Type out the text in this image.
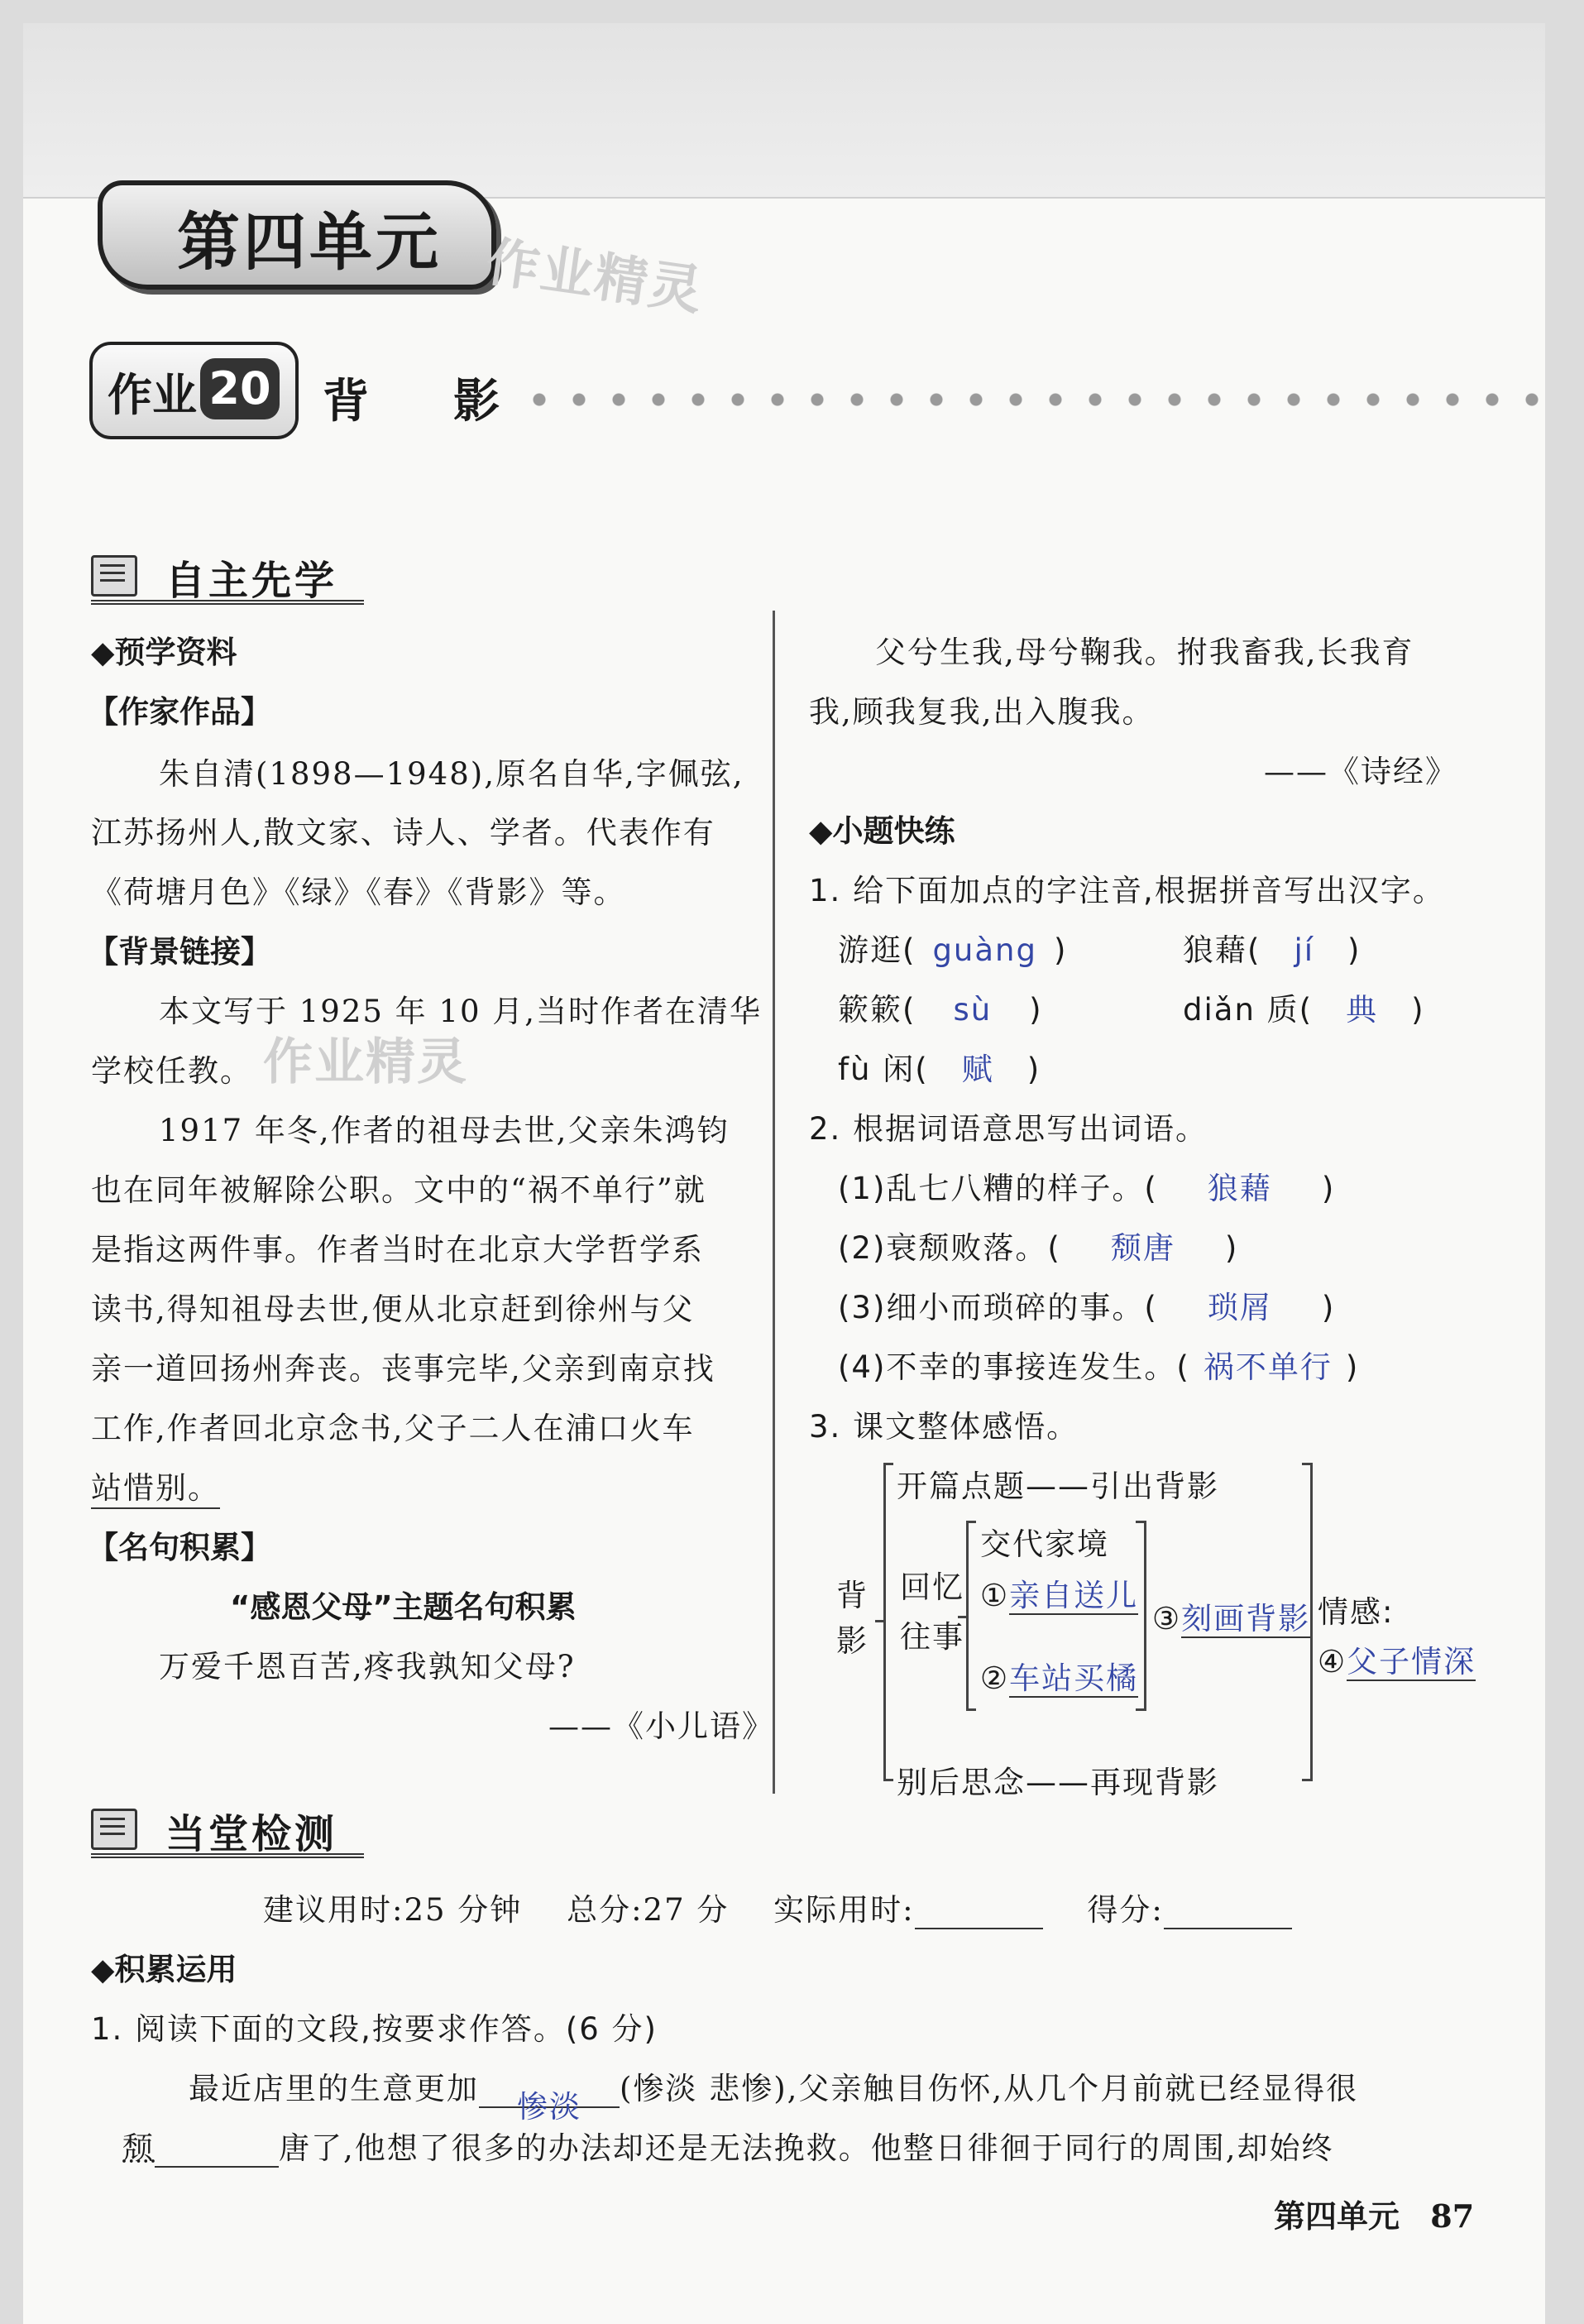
第四单元 作业精灵
作业 20 背 影
自主先学
◆预学资料
【作家作品】
朱自清(1898—1948),原名自华,字佩弦,
江苏扬州人,散文家、诗人、学者。代表作有
《荷塘月色》《绿》《春》《背影》等。
【背景链接】
本文写于 1925 年 10 月,当时作者在清华
学校任教。 作业精灵
1917 年冬,作者的祖母去世,父亲朱鸿钧
也在同年被解除公职。文中的“祸不单行”就
是指这两件事。作者当时在北京大学哲学系
读书,得知祖母去世,便从北京赶到徐州与父
亲一道回扬州奔丧。丧事完毕,父亲到南京找
工作,作者回北京念书,父子二人在浦口火车
站惜别。
【名句积累】
“感恩父母”主题名句积累
万爱千恩百苦,疼我孰知父母?
——《小儿语》
父兮生我,母兮鞠我。拊我畜我,长我育
我,顾我复我,出入腹我。
——《诗经》
◆小题快练
1. 给下面加点的字注音,根据拼音写出汉字。
游逛( guàng )	狼藉( jí )
簌簌( sù )	diǎn 质( 典 )
fù 闲( 赋 )
2. 根据词语意思写出词语。
(1)乱七八糟的样子。( 狼藉 )
(2)衰颓败落。( 颓唐 )
(3)细小而琐碎的事。( 琐屑 )
(4)不幸的事接连发生。( 祸不单行 )
3. 课文整体感悟。
背
影
开篇点题——引出背影
回忆
往事
交代家境
①亲自送儿
②车站买橘
③刻画背影 情感:
④父子情深
别后思念——再现背影
当堂检测
建议用时:25 分钟 总分:27 分 实际用时:	得分:
◆积累运用
1. 阅读下面的文段,按要求作答。(6 分)
最近店里的生意更加惨淡(惨淡 悲惨),父亲触目伤怀,从几个月前就已经显得很
颓	唐了,他想了很多的办法却还是无法挽救。他整日徘徊于同行的周围,却始终
第四单元 87
